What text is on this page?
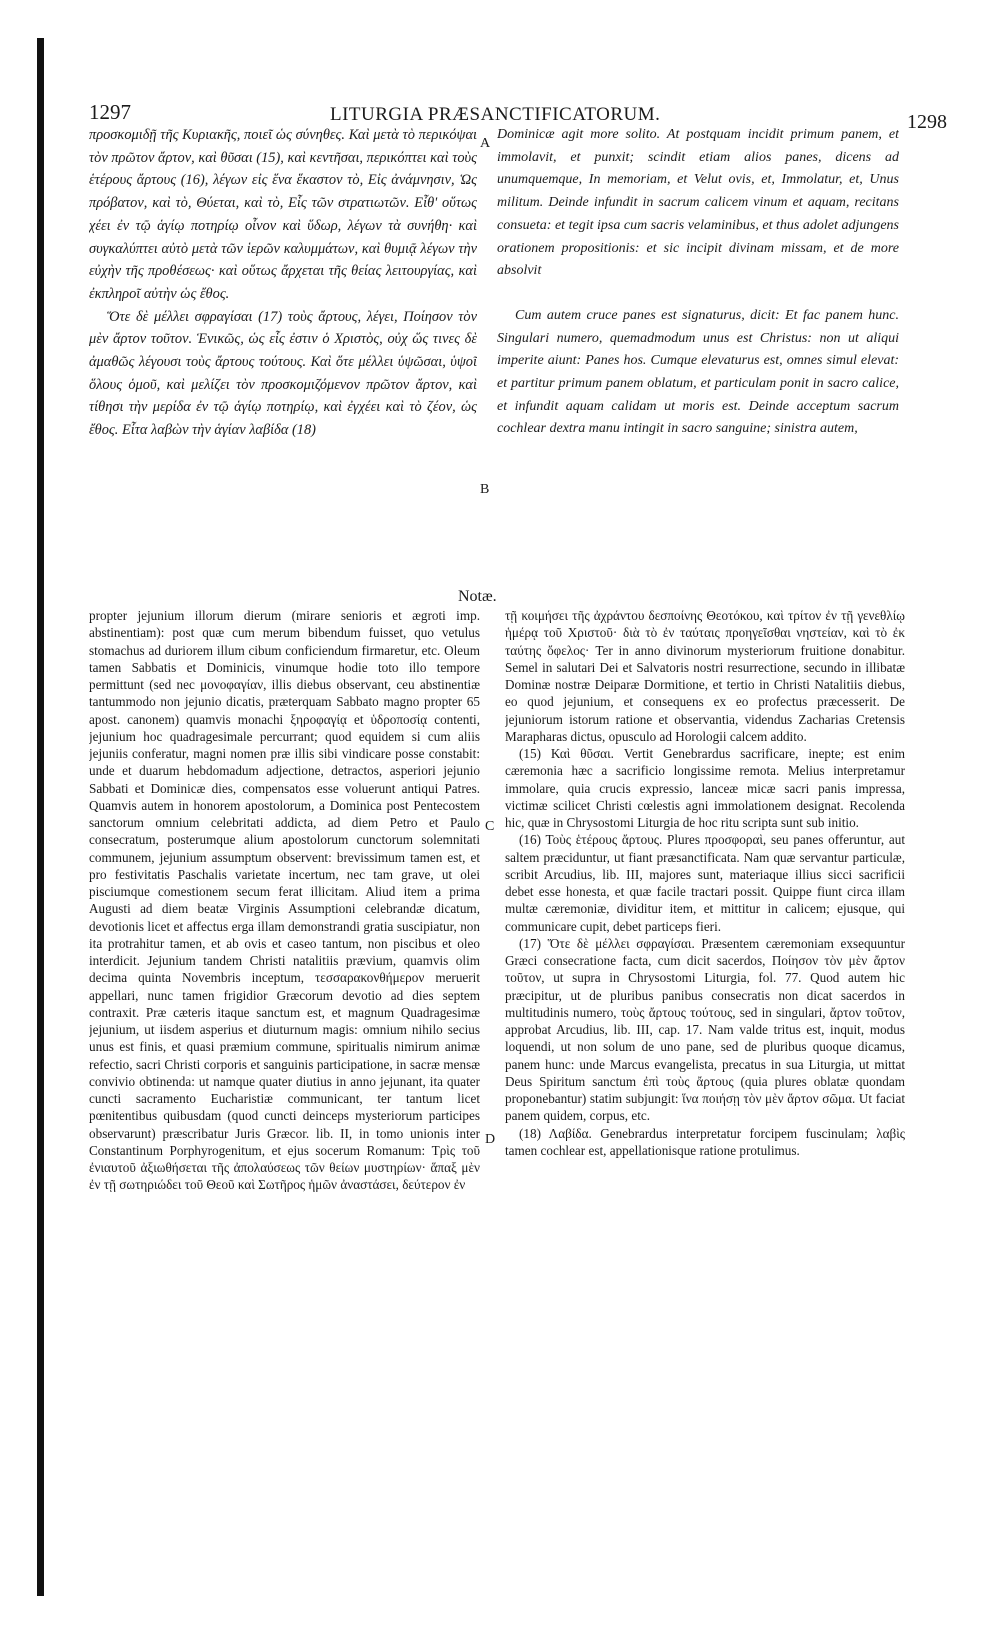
1297	LITURGIA PRÆSANCTIFICATORUM.	1298

προσκομιδῇ τῆς Κυριακῆς, ποιεῖ ὡς σύνηθες. Καὶ μετὰ τὸ περικόψαι τὸν πρῶτον ἄρτον, καὶ θῦσαι (15), καὶ κεντῆσαι, περικόπτει καὶ τοὺς ἑτέρους ἄρτους (16), λέγων εἰς ἕνα ἕκαστον τὸ, Εἰς ἀνάμνησιν, Ὡς πρόβατον, καὶ τὸ, Θύεται, καὶ τὸ, Εἷς τῶν στρατιωτῶν. Εἶθ' οὕτως χέει ἐν τῷ ἁγίῳ ποτηρίῳ οἶνον καὶ ὕδωρ, λέγων τὰ συνήθη· καὶ συγκαλύπτει αὐτὸ μετὰ τῶν ἱερῶν καλυμμάτων, καὶ θυμιᾷ λέγων τὴν εὐχὴν τῆς προθέσεως· καὶ οὕτως ἄρχεται τῆς θείας λειτουργίας, καὶ ἐκπληροῖ αὐτὴν ὡς ἔθος.

Ὅτε δὲ μέλλει σφραγίσαι (17) τοὺς ἄρτους, λέγει, Ποίησον τὸν μὲν ἄρτον τοῦτον. Ἑνικῶς, ὡς εἷς ἐστιν ὁ Χριστὸς, οὐχ ὥς τινες δὲ ἀμαθῶς λέγουσι τοὺς ἄρτους τούτους. Καὶ ὅτε μέλλει ὑψῶσαι, ὑψοῖ ὅλους ὁμοῦ, καὶ μελίζει τὸν προσκομιζόμενον πρῶτον ἄρτον, καὶ τίθησι τὴν μερίδα ἐν τῷ ἁγίῳ ποτηρίῳ, καὶ ἐγχέει καὶ τὸ ζέον, ὡς ἔθος. Εἶτα λαβὼν τὴν ἁγίαν λαβίδα (18)

Dominicæ agit more solito. At postquam incidit primum panem, et immolavit, et punxit; scindit etiam alios panes, dicens ad unumquemque, In memoriam, et Velut ovis, et, Immolatur, et, Unus militum. Deinde infundit in sacrum calicem vinum et aquam, recitans consueta: et tegit ipsa cum sacris velaminibus, et thus adolet adjungens orationem propositionis: et sic incipit divinam missam, et de more absolvit

Cum autem cruce panes est signaturus, dicit: Et fac panem hunc. Singulari numero, quemadmodum unus est Christus: non ut aliqui imperite aiunt: Panes hos. Cumque elevaturus est, omnes simul elevat: et partitur primum panem oblatum, et particulam ponit in sacro calice, et infundit aquam calidam ut moris est. Deinde acceptum sacrum cochlear dextra manu intingit in sacro sanguine; sinistra autem,

A
B
C
D
Notæ.

propter jejunium illorum dierum (mirare senioris et ægroti imp. abstinentiam): post quæ cum merum bibendum fuisset, quo vetulus stomachus ad duriorem illum cibum conficiendum firmaretur, etc. Oleum tamen Sabbatis et Dominicis, vinumque hodie toto illo tempore permittunt (sed nec μονοφαγίαν, illis diebus observant, ceu abstinentiæ tantummodo non jejunio dicatis, præterquam Sabbato magno propter 65 apost. canonem) quamvis monachi ξηροφαγίᾳ et ὑδροποσίᾳ contenti, jejunium hoc quadragesimale percurrant; quod equidem si cum aliis jejuniis conferatur, magni nomen præ illis sibi vindicare posse constabit: unde et duarum hebdomadum adjectione, detractos, asperiori jejunio Sabbati et Dominicæ dies, compensatos esse voluerunt antiqui Patres. Quamvis autem in honorem apostolorum, a Dominica post Pentecostem sanctorum omnium celebritati addicta, ad diem Petro et Paulo consecratum, posterumque alium apostolorum cunctorum solemnitati communem, jejunium assumptum observent: brevissimum tamen est, et pro festivitatis Paschalis varietate incertum, nec tam grave, ut olei pisciumque comestionem secum ferat illicitam. Aliud item a prima Augusti ad diem beatæ Virginis Assumptioni celebrandæ dicatum, devotionis licet et affectus erga illam demonstrandi gratia suscipiatur, non ita protrahitur tamen, et ab ovis et caseo tantum, non piscibus et oleo interdicit. Jejunium tandem Christi natalitiis prævium, quamvis olim decima quinta Novembris inceptum, τεσσαρακονθήμερον meruerit appellari, nunc tamen frigidior Græcorum devotio ad dies septem contraxit. Præ cæteris itaque sanctum est, et magnum Quadragesimæ jejunium, ut iisdem asperius et diuturnum magis: omnium nihilo secius unus est finis, et quasi præmium commune, spiritualis nimirum animæ refectio, sacri Christi corporis et sanguinis participatione, in sacræ mensæ convivio obtinenda: ut namque quater diutius in anno jejunant, ita quater cuncti sacramento Eucharistiæ communicant, ter tantum licet pœnitentibus quibusdam (quod cuncti deinceps mysteriorum participes observarunt) præscribatur Juris Græcor. lib. II, in tomo unionis inter Constantinum Porphyrogenitum, et ejus socerum Romanum: Τρὶς τοῦ ἐνιαυτοῦ ἀξιωθήσεται τῆς ἀπολαύσεως τῶν θείων μυστηρίων· ἅπαξ μὲν ἐν τῇ σωτηριώδει τοῦ Θεοῦ καὶ Σωτῆρος ἡμῶν ἀναστάσει, δεύτερον ἐν

τῇ κοιμήσει τῆς ἀχράντου δεσποίνης Θεοτόκου, καὶ τρίτον ἐν τῇ γενεθλίῳ ἡμέρᾳ τοῦ Χριστοῦ· διὰ τὸ ἐν ταύταις προηγεῖσθαι νηστείαν, καὶ τὸ ἐκ ταύτης ὄφελος· Ter in anno divinorum mysteriorum fruitione donabitur. Semel in salutari Dei et Salvatoris nostri resurrectione, secundo in illibatæ Dominæ nostræ Deiparæ Dormitione, et tertio in Christi Natalitiis diebus, eo quod jejunium, et consequens ex eo profectus præcesserit. De jejuniorum istorum ratione et observantia, videndus Zacharias Cretensis Marapharas dictus, opusculo ad Horologii calcem addito.

(15) Καὶ θῦσαι. Vertit Genebrardus sacrificare, inepte; est enim cæremonia hæc a sacrificio longissime remota. Melius interpretamur immolare, quia crucis expressio, lanceæ micæ sacri panis impressa, victimæ scilicet Christi cœlestis agni immolationem designat. Recolenda hic, quæ in Chrysostomi Liturgia de hoc ritu scripta sunt sub initio.

(16) Τοὺς ἑτέρους ἄρτους. Plures προσφοραὶ, seu panes offeruntur, aut saltem præciduntur, ut fiant præsanctificata. Nam quæ servantur particulæ, scribit Arcudius, lib. III, majores sunt, materiaque illius sicci sacrificii debet esse honesta, et quæ facile tractari possit. Quippe fiunt circa illam multæ cæremoniæ, dividitur item, et mittitur in calicem; ejusque, qui communicare cupit, debet particeps fieri.

(17) Ὅτε δὲ μέλλει σφραγίσαι. Præsentem cæremoniam exsequuntur Græci consecratione facta, cum dicit sacerdos, Ποίησον τὸν μὲν ἄρτον τοῦτον, ut supra in Chrysostomi Liturgia, fol. 77. Quod autem hic præcipitur, ut de pluribus panibus consecratis non dicat sacerdos in multitudinis numero, τοὺς ἄρτους τούτους, sed in singulari, ἄρτον τοῦτον, approbat Arcudius, lib. III, cap. 17. Nam valde tritus est, inquit, modus loquendi, ut non solum de uno pane, sed de pluribus quoque dicamus, panem hunc: unde Marcus evangelista, precatus in sua Liturgia, ut mittat Deus Spiritum sanctum ἐπὶ τοὺς ἄρτους (quia plures oblatæ quondam proponebantur) statim subjungit: ἵνα ποιήσῃ τὸν μὲν ἄρτον σῶμα. Ut faciat panem quidem, corpus, etc.

(18) Λαβίδα. Genebrardus interpretatur forcipem fuscinulam; λαβὶς tamen cochlear est, appellationisque ratione protulimus.
